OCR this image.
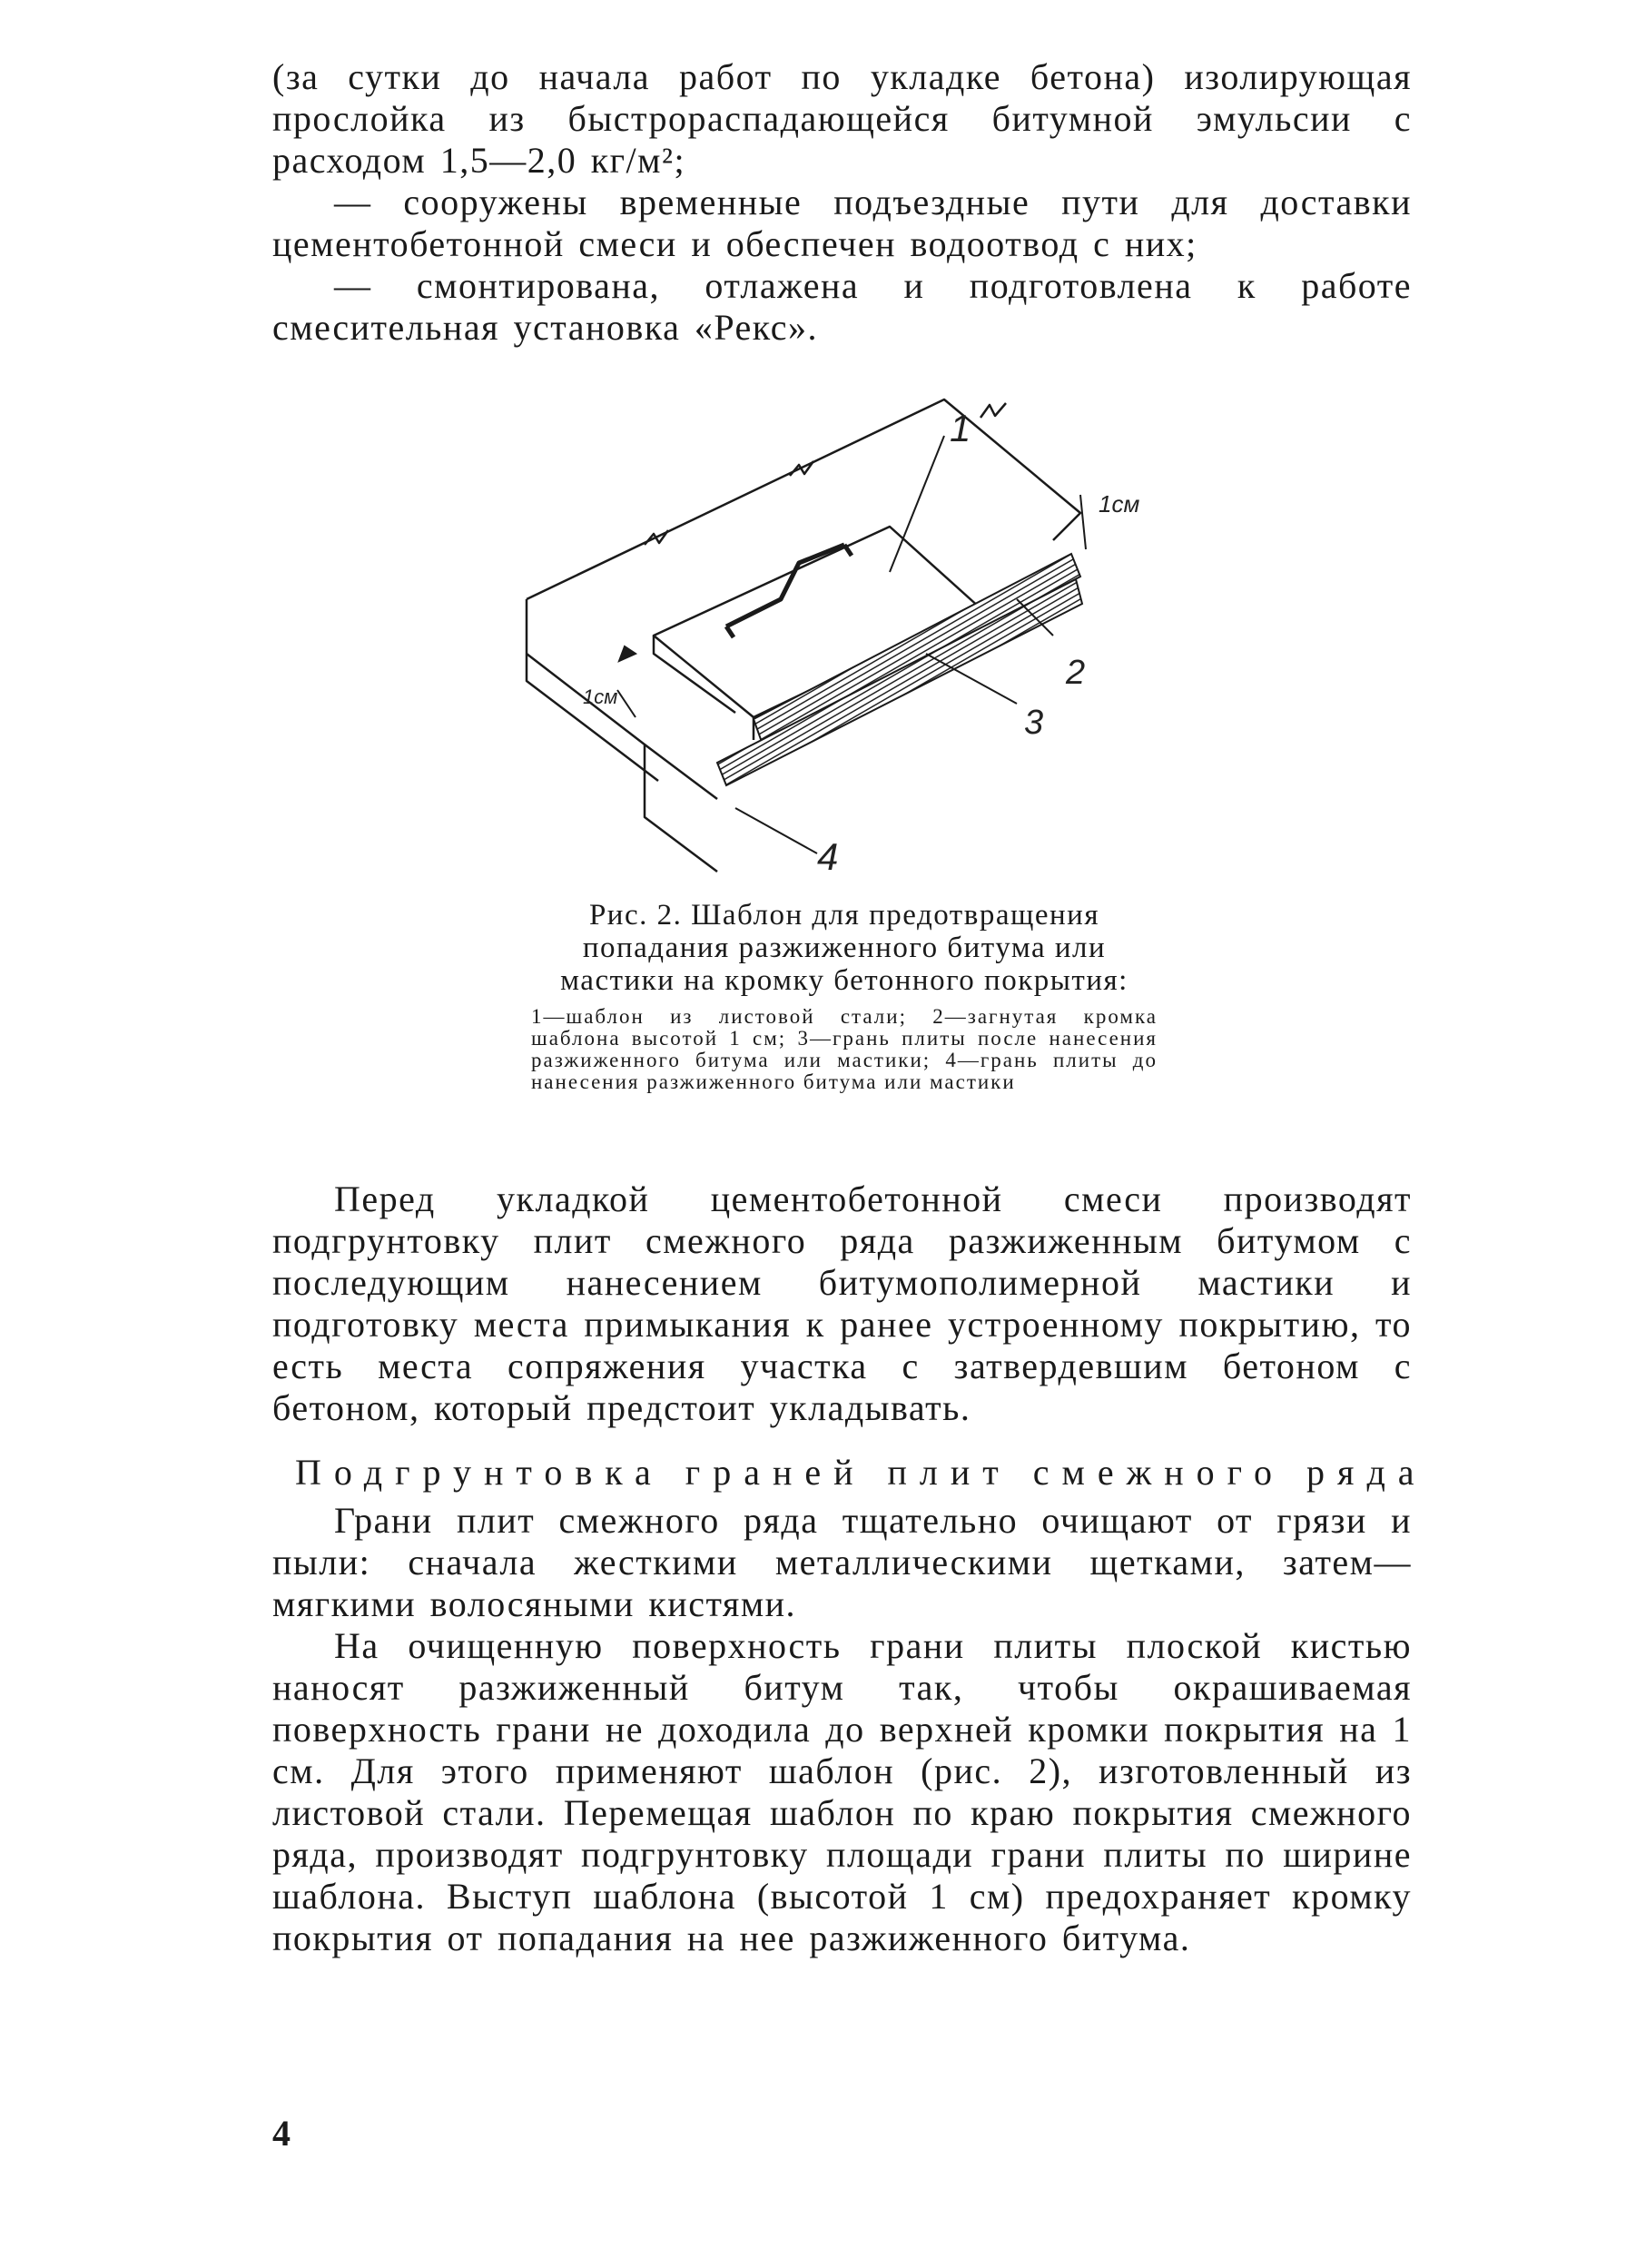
(за сутки до начала работ по укладке бетона) изолирующая прослойка из быстрораспадающейся битумной эмульсии с расходом 1,5—2,0 кг/м²;

— сооружены временные подъездные пути для доставки цементобетонной смеси и обеспечен водоотвод с них;

— смонтирована, отлажена и подготовлена к работе смесительная установка «Рекс».

1
2
3
4
1см
1см

Рис. 2. Шаблон для предотвращения попадания разжиженного битума или мастики на кромку бетонного покрытия:

1—шаблон из листовой стали; 2—загнутая кромка шаблона высотой 1 см; 3—грань плиты после нанесения разжиженного битума или мастики; 4—грань плиты до нанесения разжиженного битума или мастики

Перед укладкой цементобетонной смеси производят подгрунтовку плит смежного ряда разжиженным битумом с последующим нанесением битумополимерной мастики и подготовку места примыкания к ранее устроенному покрытию, то есть места сопряжения участка с затвердевшим бетоном с бетоном, который предстоит укладывать.

Подгрунтовка граней плит смежного ряда

Грани плит смежного ряда тщательно очищают от грязи и пыли: сначала жесткими металлическими щетками, затем— мягкими волосяными кистями.

На очищенную поверхность грани плиты плоской кистью наносят разжиженный битум так, чтобы окрашиваемая поверхность грани не доходила до верхней кромки покрытия на 1 см. Для этого применяют шаблон (рис. 2), изготовленный из листовой стали. Перемещая шаблон по краю покрытия смежного ряда, производят подгрунтовку площади грани плиты по ширине шаблона. Выступ шаблона (высотой 1 см) предохраняет кромку покрытия от попадания на нее разжиженного битума.

4
